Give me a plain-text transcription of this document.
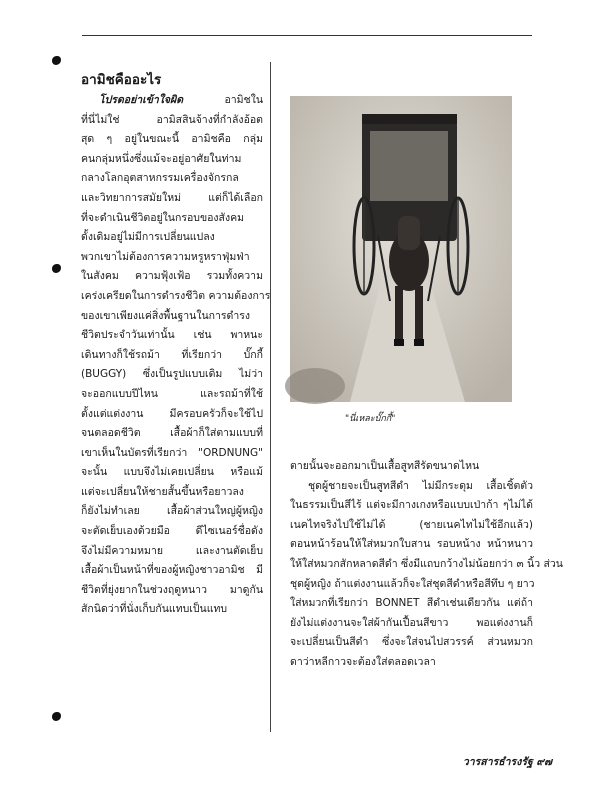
อามิชคืออะไร
โปรดอย่าเข้าใจผิด	อามิชใน
ที่นี่ไม่ใช่ อามิสสินจ้างที่กำลังอ้อต
สุด ๆ อยู่ในขณะนี้ อามิชคือ กลุ่ม
คนกลุ่มหนึ่งซึ่งแม้จะอยู่อาศัยในท่าม
กลางโลกอุตสาหกรรมเครื่องจักรกล
และวิทยาการสมัยใหม่ แต่ก็ได้เลือก
ที่จะดำเนินชีวิตอยู่ในกรอบของสังคม
ดั้งเดิมอยู่ไม่มีการเปลี่ยนแปลง
พวกเขาไม่ต้องการความหรูหราฟุ่มฟ่า
ในสังคม ความฟุ้งเฟ้อ รวมทั้งความ
เคร่งเครียดในการดำรงชีวิต ความต้องการ
ของเขาเพียงแค่สิ่งพื้นฐานในการดำรง
ชีวิตประจำวันเท่านั้น เช่น พาหนะ
เดินทางก็ใช้รถม้า ที่เรียกว่า บั๊กกี้
(BUGGY) ซึ่งเป็นรูปแบบเดิม ไม่ว่า
จะออกแบบปีไหน และรถม้าที่ใช้
ตั้งแต่แต่งงาน มีครอบครัวก็จะใช้ไป
จนตลอดชีวิต เสื้อผ้าก็ใส่ตามแบบที่
เขาเห็นในบัตรที่เรียกว่า "ORDNUNG"
จะนั้น แบบจึงไม่เคยเปลี่ยน หรือแม้
แต่จะเปลี่ยนให้ชายสั้นขึ้นหรือยาวลง
ก็ยังไม่ทำเลย เสื้อผ้าส่วนใหญ่ผู้หญิง
จะตัดเย็บเองด้วยมือ ดีไซเนอร์ชื่อดัง
จึงไม่มีความหมาย และงานตัดเย็บ
เสื้อผ้าเป็นหน้าที่ของผู้หญิงชาวอามิช มี
ชีวิตที่ยุ่งยากในช่วงฤดูหนาว มาดูกัน
สักนิดว่าที่นั่งเก็บกันแทบเป็นแทบ
"นี่เหละบั๊กกี้"
ตายนั้นจะออกมาเป็นเสื้อสูทสีรัดขนาดไหน
ชุดผู้ชายจะเป็นสูทสีดำ ไม่มีกระดุม เสื้อเชิ้ตตัว
ในธรรมเป็นสีไร้ แต่จะมีกางเกงหรือแบบเป่าก้า ๆไม่ได้
เนคไทจริงไปใช้ไม่ได้ (ชายเนคไทไม่ใช้อีกแล้ว)
ตอนหน้าร้อนให้ใส่หมวกใบสาน รอบหน้าง หน้าหนาว
ให้ใส่หมวกสักหลาดสีดำ ซึ่งมีแถบกว้างไม่น้อยกว่า ๓ นิ้ว ส่วน
ชุดผู้หญิง ถ้าแต่งงานแล้วก็จะใส่ชุดสีดำหรือสีทึบ ๆ ยาว
ใส่หมวกที่เรียกว่า BONNET สีดำเช่นเดียวกัน แต่ถ้า
ยังไม่แต่งงานจะใส่ผ้ากันเปื้อนสีขาว พอแต่งงานก็
จะเปลี่ยนเป็นสีดำ ซึ่งจะใส่จนไปสวรรค์ ส่วนหมวก
ดาว่าหลีกาวจะต้องใส่ตลอดเวลา
วารสารธำรงรัฐ ๙๗
